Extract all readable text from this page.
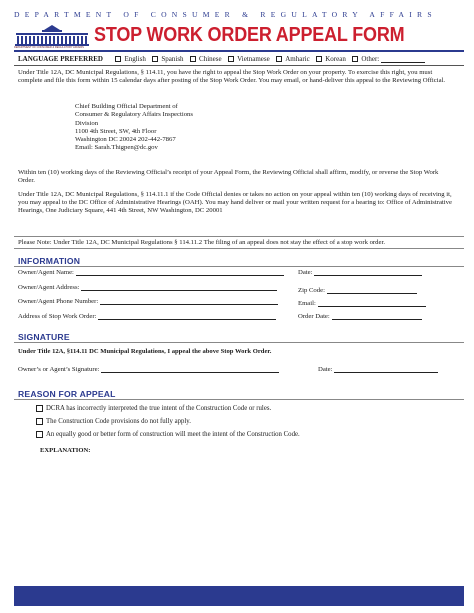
DEPARTMENT OF CONSUMER & REGULATORY AFFAIRS
DEPARTMENT OF CONSUMER & REGULATORY AFFAIRS
STOP WORK ORDER APPEAL FORM
LANGUAGE PREFERRED	English Spanish Chinese Vietnamese Amharic Korean Other:
Under Title 12A, DC Municipal Regulations, § 114.11, you have the right to appeal the Stop Work Order on your property. To exercise this right, you must complete and file this form within 15 calendar days after posting of the Stop Work Order. You may email, or hand-deliver this appeal to the Reviewing Official.
Chief Building Official Department of
Consumer & Regulatory Affairs Inspections
Division
1100 4th Street, SW, 4th Floor
Washington DC 20024 202-442-7867
Email: Sarah.Thigpen@dc.gov
Within ten (10) working days of the Reviewing Official’s receipt of your Appeal Form, the Reviewing Official shall affirm, modify, or reverse the Stop Work Order.
Under Title 12A, DC Municipal Regulations, § 114.11.1 if the Code Official denies or takes no action on your appeal within ten (10) working days of receiving it, you may appeal to the DC Office of Administrative Hearings (OAH). You may hand deliver or mail your written request for a hearing to: Office of Administrative Hearings, One Judiciary Square, 441 4th Street, NW Washington, DC 20001
Please Note: Under Title 12A, DC Municipal Regulations § 114.11.2 The filing of an appeal does not stay the effect of a stop work order.
INFORMATION
Owner/Agent Name:	Date:
Owner/Agent Address:	Zip Code:
Owner/Agent Phone Number:	Email:
Address of Stop Work Order:	Order Date:
SIGNATURE
Under Title 12A, §114.11 DC Municipal Regulations, I appeal the above Stop Work Order.
Owner’s or Agent’s Signature:	Date:
REASON FOR APPEAL
DCRA has incorrectly interpreted the true intent of the Construction Code or rules.
The Construction Code provisions do not fully apply.
An equally good or better form of construction will meet the intent of the Construction Code.
EXPLANATION:
